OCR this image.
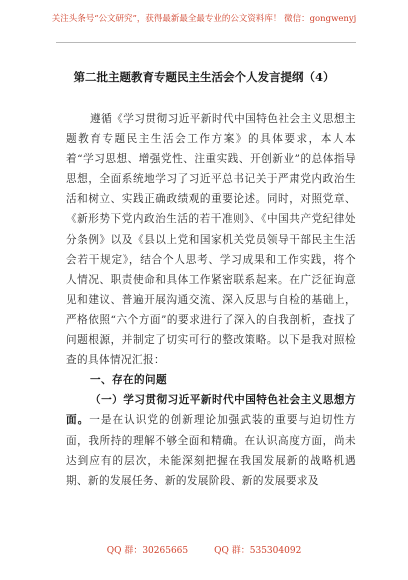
关注头条号“公文研究”，获得最新最全最专业的公文资料库！ 微信：gongwenyj
第二批主题教育专题民主生活会个人发言提纲（4）

遵循《学习贯彻习近平新时代中国特色社会主义思想主题教育专题民主生活会工作方案》的具体要求，本人本着“学习思想、增强党性、注重实践、开创新业”的总体指导思想，全面系统地学习了习近平总书记关于严肃党内政治生活和树立、实践正确政绩观的重要论述。同时，对照党章、《新形势下党内政治生活的若干准则》、《中国共产党纪律处分条例》以及《县以上党和国家机关党员领导干部民主生活会若干规定》，结合个人思考、学习成果和工作实践，将个人情况、职责使命和具体工作紧密联系起来。在广泛征询意见和建议、普遍开展沟通交流、深入反思与自检的基础上，严格依照“六个方面”的要求进行了深入的自我剖析，查找了问题根源，并制定了切实可行的整改策略。以下是我对照检查的具体情况汇报：

一、存在的问题

（一）学习贯彻习近平新时代中国特色社会主义思想方面。一是在认识党的创新理论加强武装的重要与迫切性方面，我所持的理解不够全面和精确。在认识高度方面，尚未达到应有的层次，未能深刻把握在我国发展新的战略机遇期、新的发展任务、新的发展阶段、新的发展要求及

QQ 群：30265665	QQ 群：535304092
